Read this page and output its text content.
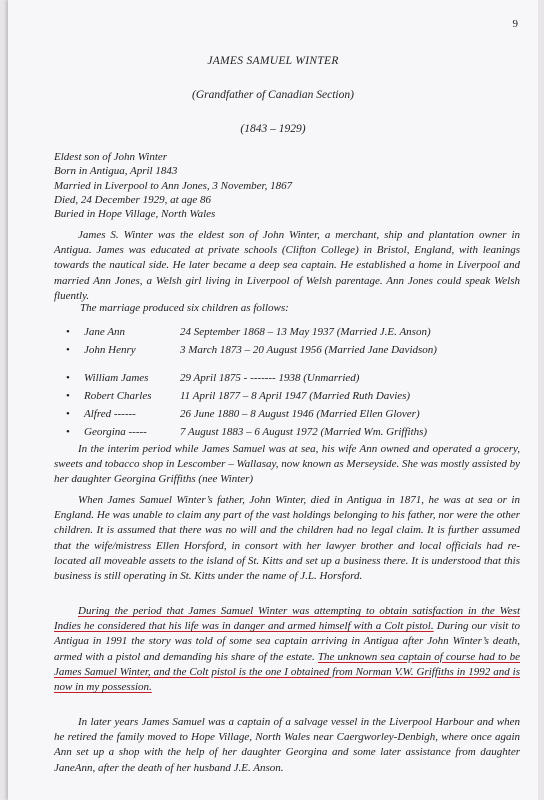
9
JAMES SAMUEL WINTER
(Grandfather of Canadian Section)
(1843 – 1929)
Eldest son of John Winter
Born in Antigua, April 1843
Married in Liverpool to Ann Jones, 3 November, 1867
Died, 24 December 1929, at age 86
Buried in Hope Village, North Wales
James S. Winter was the eldest son of John Winter, a merchant, ship and plantation owner in Antigua. James was educated at private schools (Clifton College) in Bristol, England, with leanings towards the nautical side. He later became a deep sea captain. He established a home in Liverpool and married Ann Jones, a Welsh girl living in Liverpool of Welsh parentage. Ann Jones could speak Welsh fluently.
The marriage produced six children as follows:
• Jane Ann	24 September 1868 – 13 May 1937 (Married J.E. Anson)
• John Henry	3 March 1873 – 20 August 1956 (Married Jane Davidson)
• William James	29 April 1875 - ------- 1938 (Unmarried)
• Robert Charles	11 April 1877 – 8 April 1947 (Married Ruth Davies)
• Alfred ------	26 June 1880 – 8 August 1946 (Married Ellen Glover)
• Georgina -----	7 August 1883 – 6 August 1972 (Married Wm. Griffiths)
In the interim period while James Samuel was at sea, his wife Ann owned and operated a grocery, sweets and tobacco shop in Lescomber – Wallasay, now known as Merseyside. She was mostly assisted by her daughter Georgina Griffiths (nee Winter)
When James Samuel Winter’s father, John Winter, died in Antigua in 1871, he was at sea or in England. He was unable to claim any part of the vast holdings belonging to his father, nor were the other children. It is assumed that there was no will and the children had no legal claim. It is further assumed that the wife/mistress Ellen Horsford, in consort with her lawyer brother and local officials had re-located all moveable assets to the island of St. Kitts and set up a business there. It is understood that this business is still operating in St. Kitts under the name of J.L. Horsford.
During the period that James Samuel Winter was attempting to obtain satisfaction in the West Indies he considered that his life was in danger and armed himself with a Colt pistol. During our visit to Antigua in 1991 the story was told of some sea captain arriving in Antigua after John Winter’s death, armed with a pistol and demanding his share of the estate. The unknown sea captain of course had to be James Samuel Winter, and the Colt pistol is the one I obtained from Norman V.W. Griffiths in 1992 and is now in my possession.
In later years James Samuel was a captain of a salvage vessel in the Liverpool Harbour and when he retired the family moved to Hope Village, North Wales near Caergworley-Denbigh, where once again Ann set up a shop with the help of her daughter Georgina and some later assistance from daughter JaneAnn, after the death of her husband J.E. Anson.
